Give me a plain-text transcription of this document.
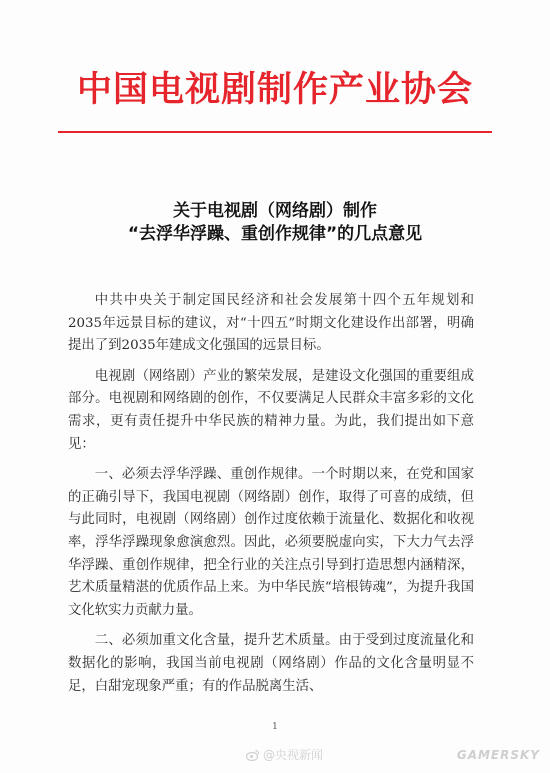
中国电视剧制作产业协会
关于电视剧（网络剧）制作
“去浮华浮躁、重创作规律”的几点意见

中共中央关于制定国民经济和社会发展第十四个五年规划和2035年远景目标的建议，对“十四五”时期文化建设作出部署，明确提出了到2035年建成文化强国的远景目标。

电视剧（网络剧）产业的繁荣发展，是建设文化强国的重要组成部分。电视剧和网络剧的创作，不仅要满足人民群众丰富多彩的文化需求，更有责任提升中华民族的精神力量。为此，我们提出如下意见：

一、必须去浮华浮躁、重创作规律。一个时期以来，在党和国家的正确引导下，我国电视剧（网络剧）创作，取得了可喜的成绩，但与此同时，电视剧（网络剧）创作过度依赖于流量化、数据化和收视率，浮华浮躁现象愈演愈烈。因此，必须要脱虚向实，下大力气去浮华浮躁、重创作规律，把全行业的关注点引导到打造思想内涵精深，艺术质量精湛的优质作品上来。为中华民族“培根铸魂”，为提升我国文化软实力贡献力量。

二、必须加重文化含量，提升艺术质量。由于受到过度流量化和数据化的影响，我国当前电视剧（网络剧）作品的文化含量明显不足，白甜宠现象严重；有的作品脱离生活、

1
@央视新闻	GAMERSKY
